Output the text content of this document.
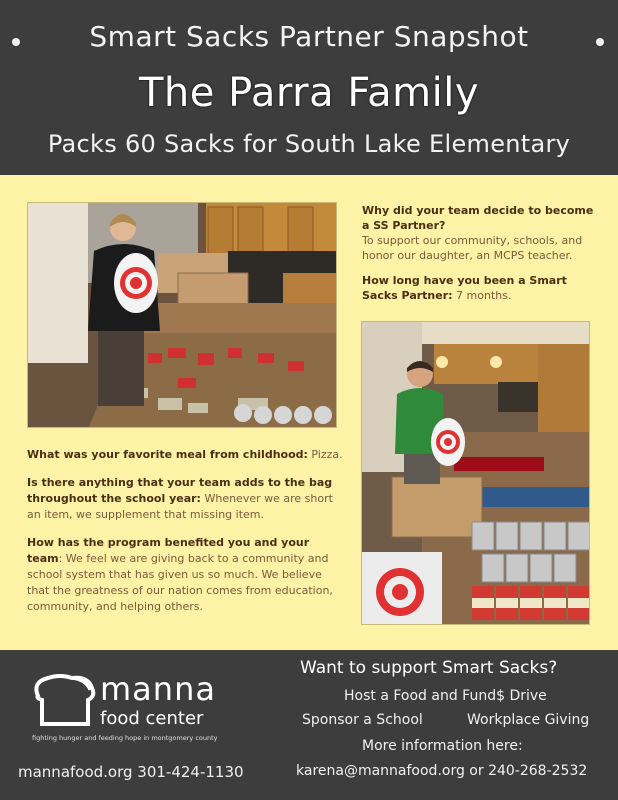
Smart Sacks Partner Snapshot
The Parra Family
Packs 60 Sacks for South Lake Elementary

Why did your team decide to become a SS Partner?
To support our community, schools, and honor our daughter, an MCPS teacher.

How long have you been a Smart Sacks Partner: 7 months.

What was your favorite meal from childhood: Pizza.

Is there anything that your team adds to the bag throughout the school year: Whenever we are short an item, we supplement that missing item.

How has the program benefited you and your team: We feel we are giving back to a community and school system that has given us so much. We believe that the greatness of our nation comes from education, community, and helping others.

manna
food center
fighting hunger and feeding hope in montgomery county
mannafood.org 301-424-1130
Want to support Smart Sacks?
Host a Food and Fund$ Drive
Sponsor a School	Workplace Giving
More information here:
karena@mannafood.org or 240-268-2532
